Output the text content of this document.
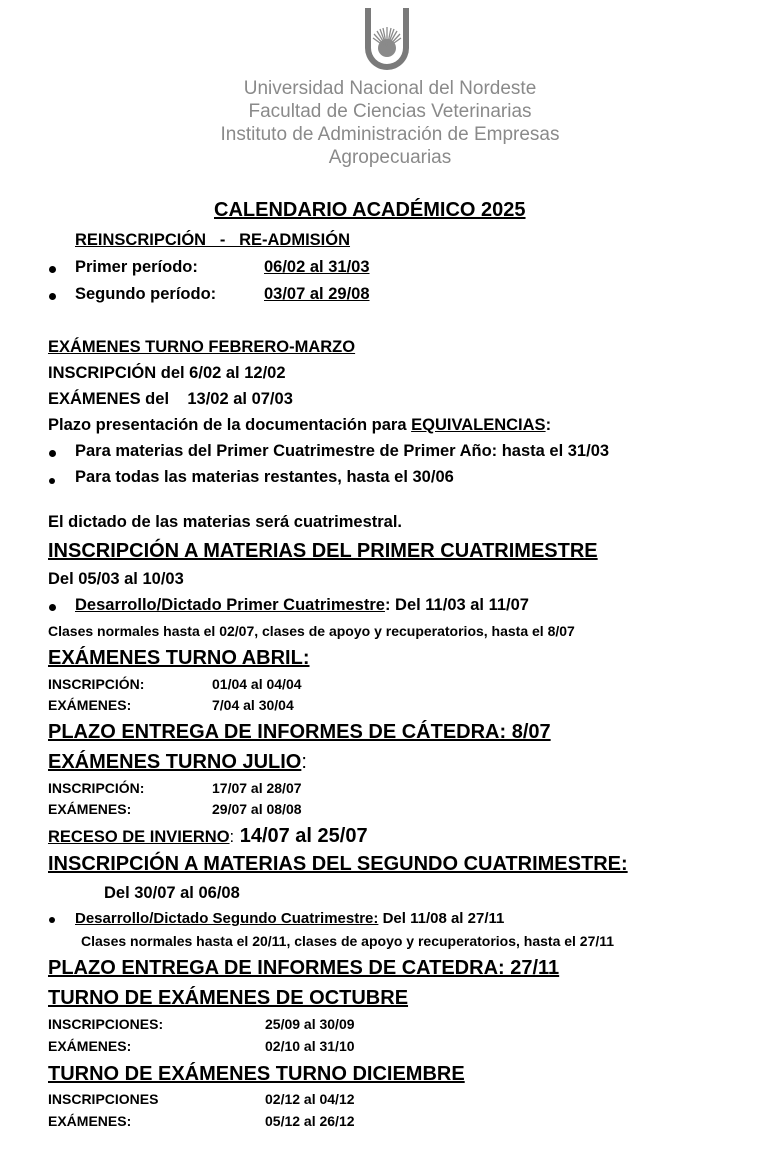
Universidad Nacional del Nordeste
Facultad de Ciencias Veterinarias
Instituto de Administración de Empresas
Agropecuarias
CALENDARIO ACADÉMICO 2025
REINSCRIPCIÓN   -   RE-ADMISIÓN
Primer período:	06/02 al 31/03
Segundo período:	03/07 al 29/08
EXÁMENES TURNO FEBRERO-MARZO
INSCRIPCIÓN del 6/02 al 12/02
EXÁMENES del    13/02 al 07/03
Plazo presentación de la documentación para EQUIVALENCIAS:
Para materias del Primer Cuatrimestre de Primer Año: hasta el 31/03
Para todas las materias restantes, hasta el 30/06
El dictado de las materias será cuatrimestral.
INSCRIPCIÓN A MATERIAS DEL PRIMER CUATRIMESTRE
Del 05/03 al 10/03
Desarrollo/Dictado Primer Cuatrimestre: Del 11/03 al 11/07
Clases normales hasta el 02/07, clases de apoyo y recuperatorios, hasta el 8/07
EXÁMENES TURNO ABRIL:
INSCRIPCIÓN:	01/04 al 04/04
EXÁMENES:	7/04 al 30/04
PLAZO ENTREGA DE INFORMES DE CÁTEDRA: 8/07
EXÁMENES TURNO JULIO:
INSCRIPCIÓN:	17/07 al 28/07
EXÁMENES:	29/07 al 08/08
RECESO DE INVIERNO: 14/07 al 25/07
INSCRIPCIÓN A MATERIAS DEL SEGUNDO CUATRIMESTRE:
Del 30/07 al 06/08
Desarrollo/Dictado Segundo Cuatrimestre: Del 11/08 al 27/11
Clases normales hasta el 20/11, clases de apoyo y recuperatorios, hasta el 27/11
PLAZO ENTREGA DE INFORMES DE CATEDRA: 27/11
TURNO DE EXÁMENES DE OCTUBRE
INSCRIPCIONES:	25/09 al 30/09
EXÁMENES:	02/10 al 31/10
TURNO DE EXÁMENES TURNO DICIEMBRE
INSCRIPCIONES	02/12 al 04/12
EXÁMENES:	05/12 al 26/12
